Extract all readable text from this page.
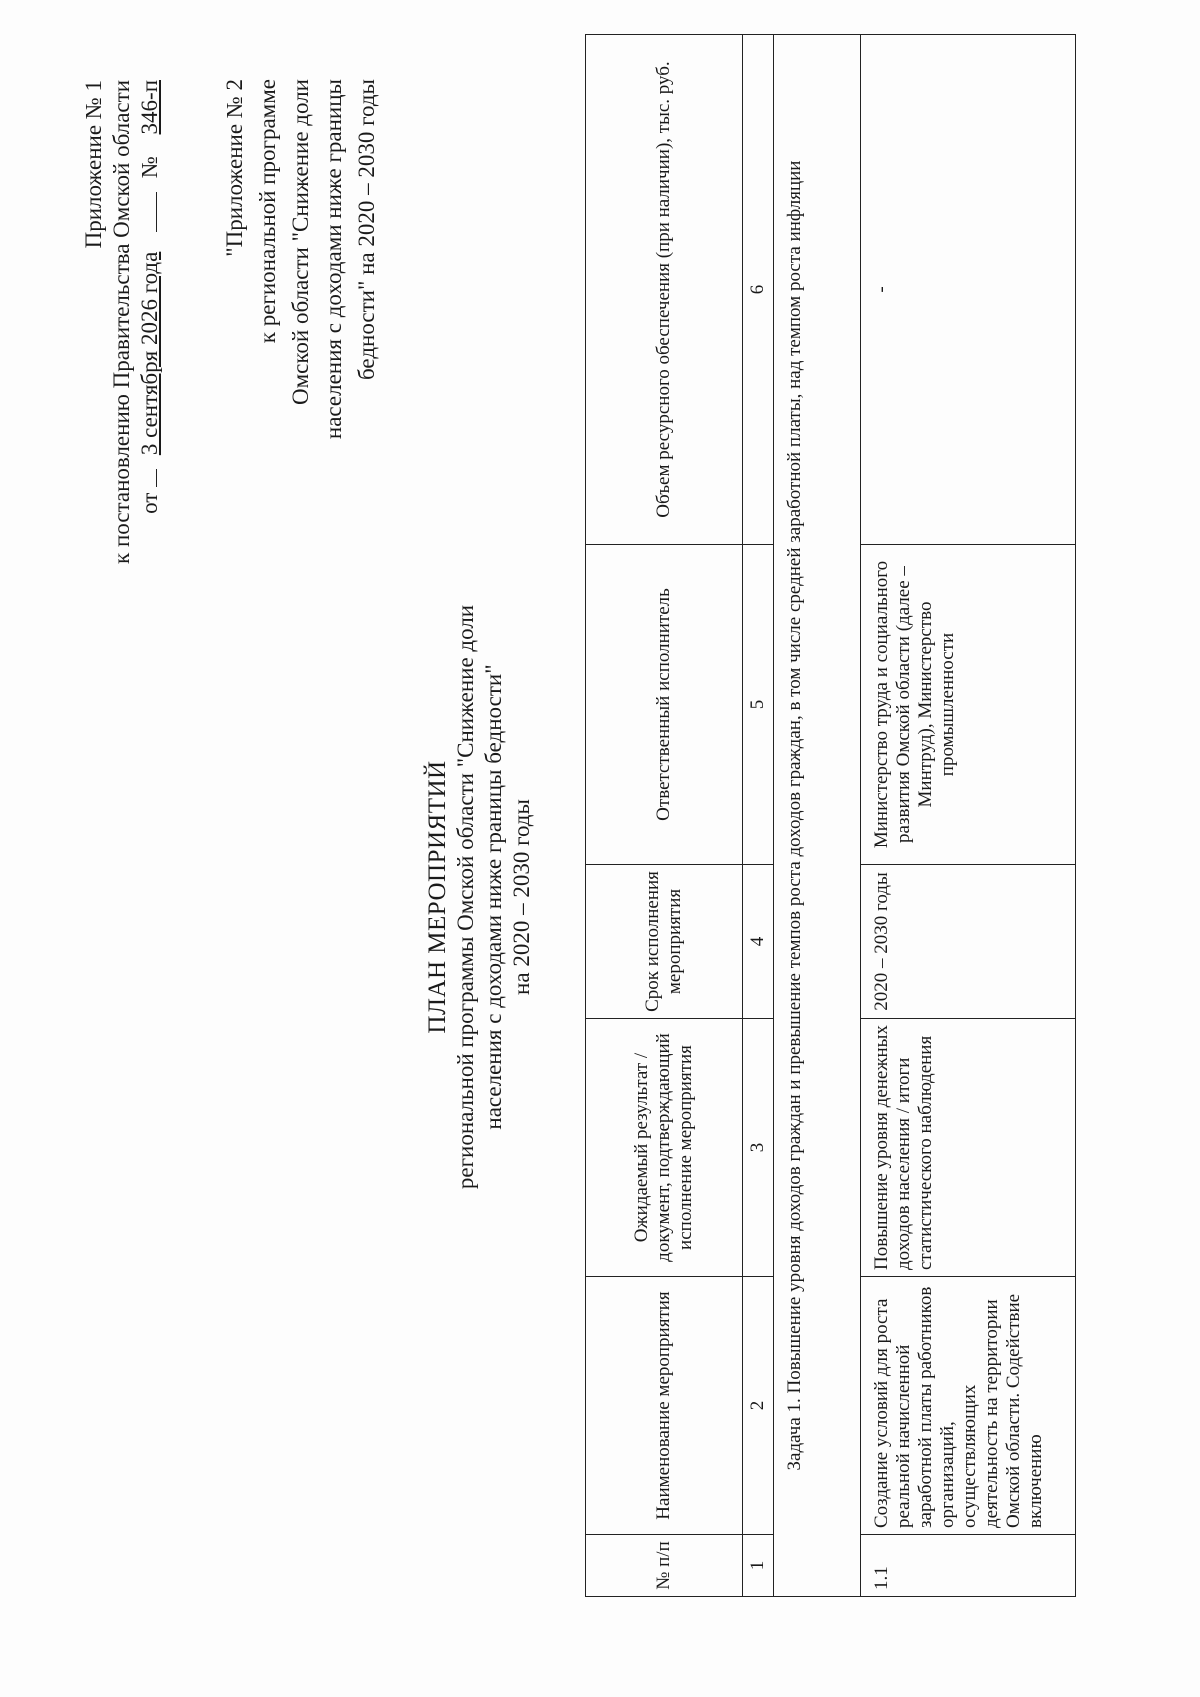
Приложение № 1 к постановлению Правительства Омской области от  3 сентября 2026 года  № 346-п	"Приложение № 2 к региональной программе Омской области "Снижение доли населения с доходами ниже границы бедности" на 2020 – 2030 годы
ПЛАН МЕРОПРИЯТИЙ региональной программы Омской области "Снижение доли населения с доходами ниже границы бедности" на 2020 – 2030 годы
№ п/п	Наименование мероприятия	Ожидаемый результат / документ, подтверждающий исполнение мероприятия	Срок исполнения мероприятия	Ответственный исполнитель	Объем ресурсного обеспечения (при наличии), тыс. руб.
1	2	3	4	5	6
Задача 1. Повышение уровня доходов граждан и превышение темпов роста доходов граждан, в том числе средней заработной платы, над темпом роста инфляции					
1.1	Создание условий для роста реальной начисленной заработной платы работников организаций, осуществляющих деятельность на территории Омской области. Содействие включению	Повышение уровня денежных доходов населения / итоги статистического наблюдения	2020 – 2030 годы	Министерство труда и социального развития Омской области (далее – Минтруд), Министерство промышленности	-
